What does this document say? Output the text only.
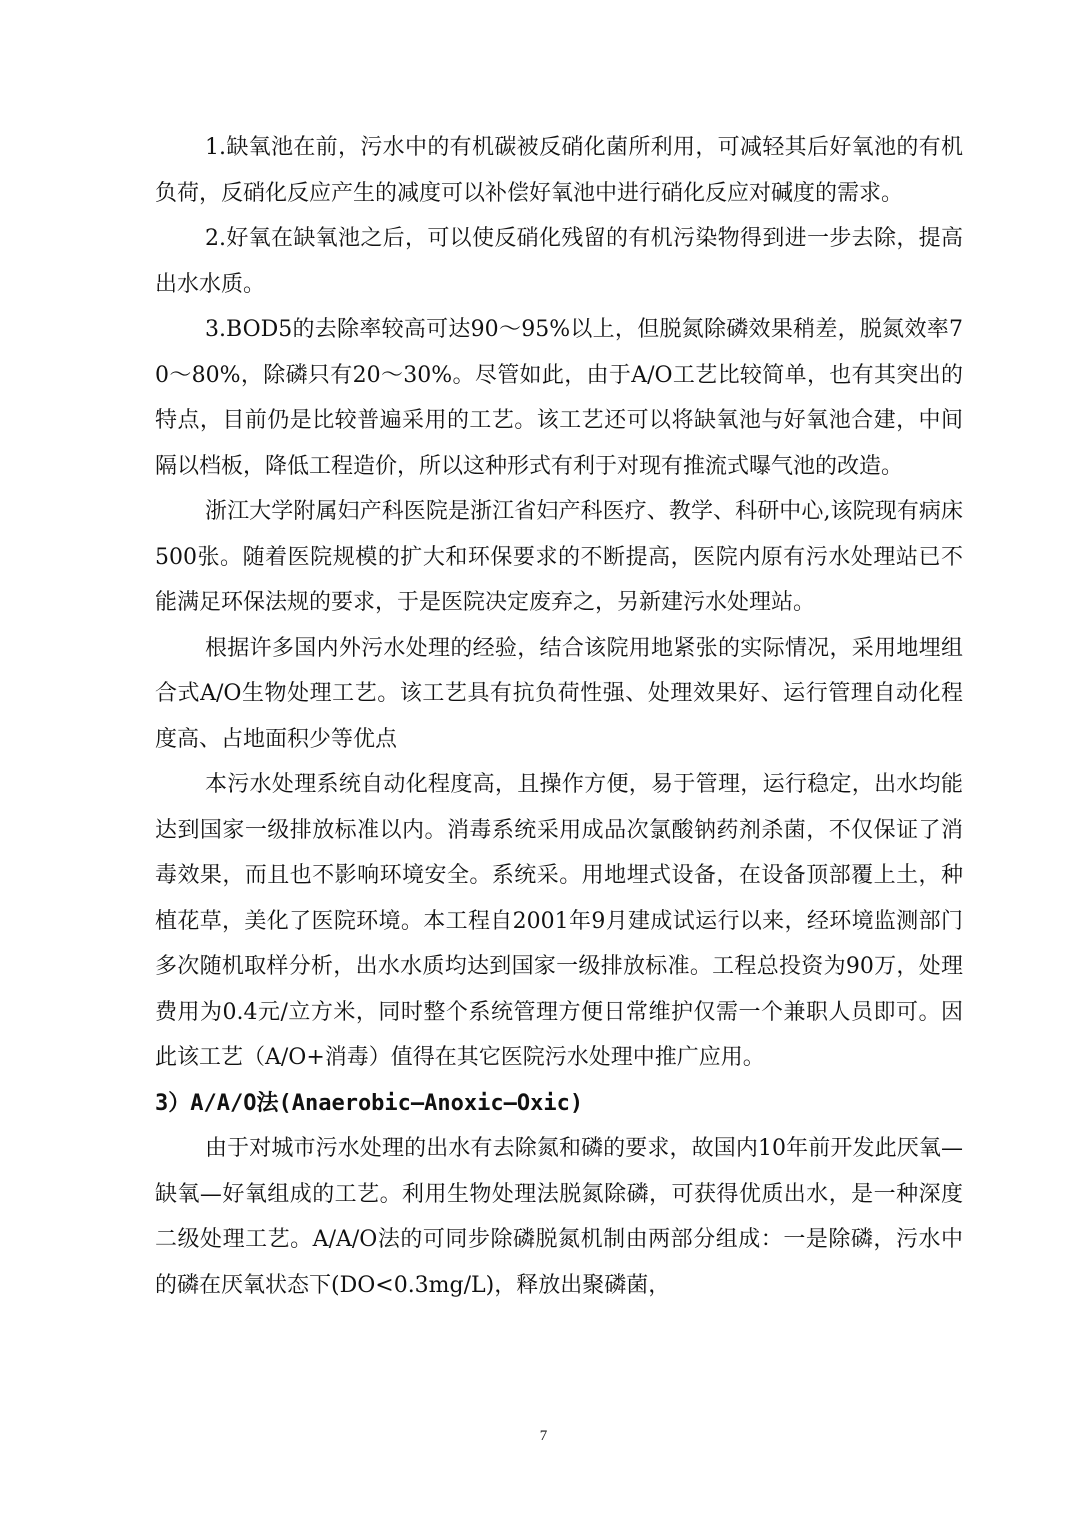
1.缺氧池在前，污水中的有机碳被反硝化菌所利用，可减轻其后好氧池的有机负荷，反硝化反应产生的减度可以补偿好氧池中进行硝化反应对碱度的需求。

2.好氧在缺氧池之后，可以使反硝化残留的有机污染物得到进一步去除，提高出水水质。

3.BOD5的去除率较高可达90～95%以上，但脱氮除磷效果稍差，脱氮效率70～80%，除磷只有20～30%。尽管如此，由于A/O工艺比较简单，也有其突出的特点，目前仍是比较普遍采用的工艺。该工艺还可以将缺氧池与好氧池合建，中间隔以档板，降低工程造价，所以这种形式有利于对现有推流式曝气池的改造。

浙江大学附属妇产科医院是浙江省妇产科医疗、教学、科研中心,该院现有病床500张。随着医院规模的扩大和环保要求的不断提高，医院内原有污水处理站已不能满足环保法规的要求，于是医院决定废弃之，另新建污水处理站。

根据许多国内外污水处理的经验，结合该院用地紧张的实际情况，采用地埋组合式A/O生物处理工艺。该工艺具有抗负荷性强、处理效果好、运行管理自动化程度高、占地面积少等优点

本污水处理系统自动化程度高，且操作方便，易于管理，运行稳定，出水均能达到国家一级排放标准以内。消毒系统采用成品次氯酸钠药剂杀菌，不仅保证了消毒效果，而且也不影响环境安全。系统采。用地埋式设备，在设备顶部覆上土，种植花草，美化了医院环境。本工程自2001年9月建成试运行以来，经环境监测部门多次随机取样分析，出水水质均达到国家一级排放标准。工程总投资为90万，处理费用为0.4元/立方米，同时整个系统管理方便日常维护仅需一个兼职人员即可。因此该工艺（A/O+消毒）值得在其它医院污水处理中推广应用。

3）A/A/O法(Anaerobic—Anoxic—Oxic)

由于对城市污水处理的出水有去除氮和磷的要求，故国内10年前开发此厌氧—缺氧—好氧组成的工艺。利用生物处理法脱氮除磷，可获得优质出水，是一种深度二级处理工艺。A/A/O法的可同步除磷脱氮机制由两部分组成：一是除磷，污水中的磷在厌氧状态下(DO<0.3mg/L)，释放出聚磷菌，

7
